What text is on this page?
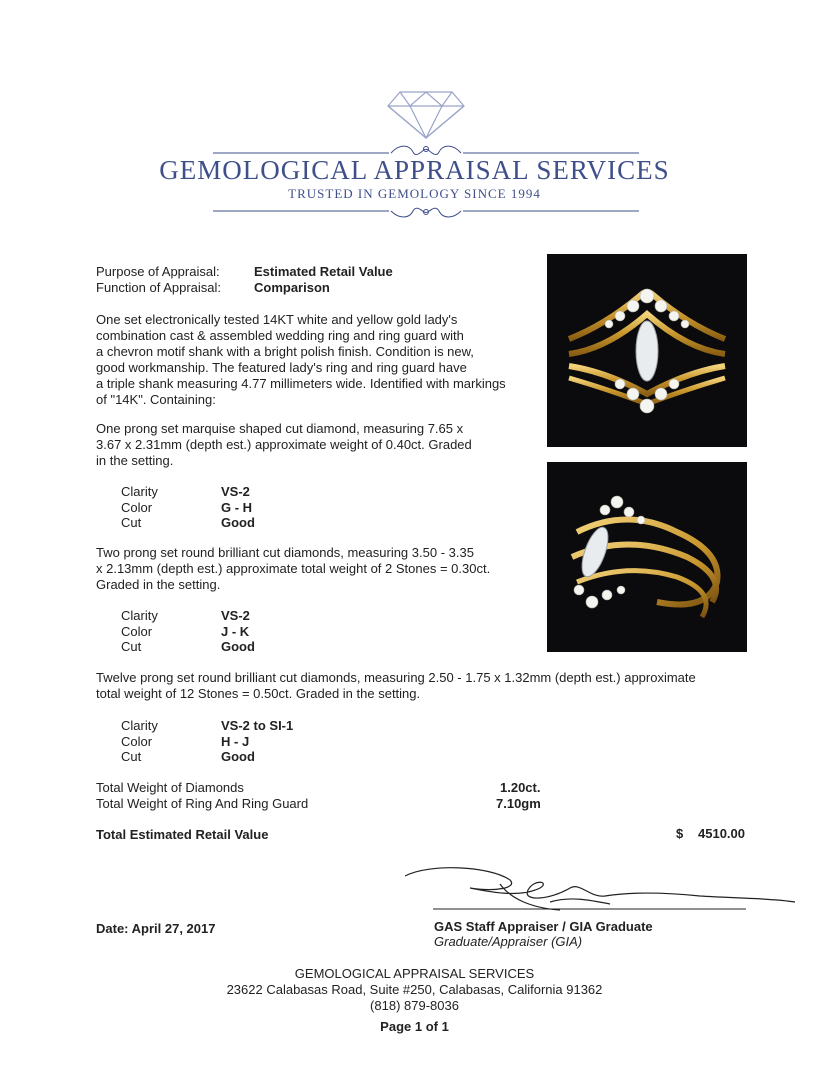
GEMOLOGICAL APPRAISAL SERVICES
TRUSTED IN GEMOLOGY SINCE 1994
Purpose of Appraisal:	Estimated Retail Value
Function of Appraisal:	Comparison
One set electronically tested 14KT white and yellow gold lady's
combination cast & assembled wedding ring and ring guard with
a chevron motif shank with a bright polish finish. Condition is new,
good workmanship. The featured lady's ring and ring guard have
a triple shank measuring 4.77 millimeters wide. Identified with markings
of "14K". Containing:
One prong set marquise shaped cut diamond, measuring 7.65 x
3.67 x 2.31mm (depth est.) approximate weight of 0.40ct. Graded
in the setting.
Clarity	VS-2
Color	G - H
Cut	Good
Two prong set round brilliant cut diamonds, measuring 3.50 - 3.35
x 2.13mm (depth est.) approximate total weight of 2 Stones = 0.30ct.
Graded in the setting.
Clarity	VS-2
Color	J - K
Cut	Good
Twelve prong set round brilliant cut diamonds, measuring 2.50 - 1.75 x 1.32mm (depth est.) approximate
total weight of 12 Stones = 0.50ct. Graded in the setting.
Clarity	VS-2 to SI-1
Color	H - J
Cut	Good
Total Weight of Diamonds	1.20ct.
Total Weight of Ring And Ring Guard	7.10gm
Total Estimated Retail Value	$ 4510.00
Date: April 27, 2017	GAS Staff Appraiser / GIA Graduate
Graduate/Appraiser (GIA)
GEMOLOGICAL APPRAISAL SERVICES
23622 Calabasas Road, Suite #250, Calabasas, California 91362
(818) 879-8036
Page 1 of 1
